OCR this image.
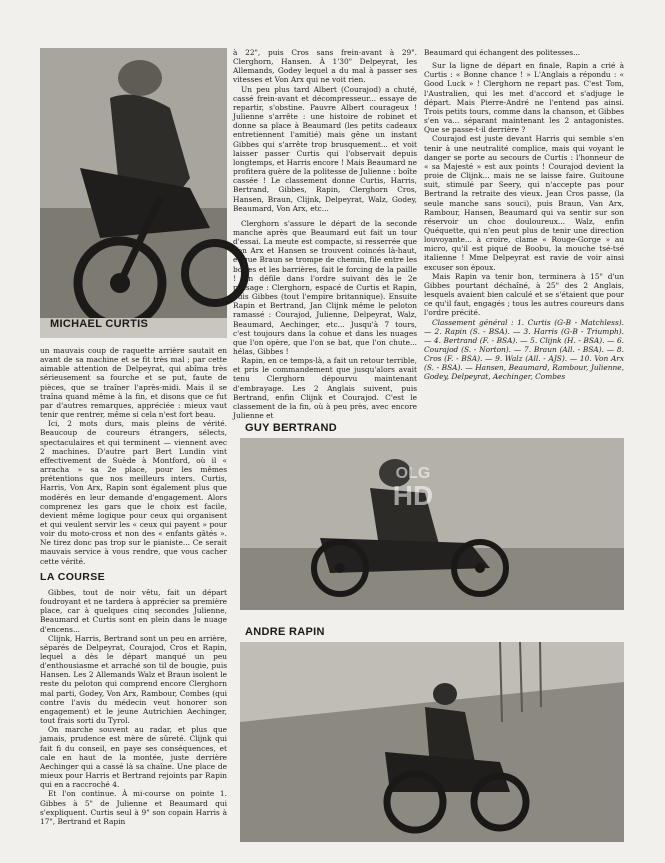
MICHAEL CURTIS

un mauvais coup de raquette arrière sautait en avant de sa machine et se fit très mal ; par cette aimable attention de Delpeyrat, qui abîma très sérieusement sa fourche et se put, faute de pièces, que se traîner l'après-midi. Mais il se traîna quand même à la fin, et disons que ce fut par d'autres remarques, appréciée : mieux vaut tenir que rentrer, même si cela n'est fort beau.

Ici, 2 mots durs, mais pleins de vérité. Beaucoup de coureurs étrangers, sélects, spectaculaires et qui terminent — viennent avec 2 machines. D'autre part Bert Lundin vint effectivement de Suède à Montford, où il « arracha » sa 2e place, pour les mêmes prétentions que nos meilleurs inters. Curtis, Harris, Von Arx, Rapin sont également plus que modérés en leur demande d'engagement. Alors comprenez les gars que le choix est facile, devient même logique pour ceux qui organisent et qui veulent servir les « ceux qui payent » pour voir du moto-cross et non des « enfants gâtés ». Ne tirez donc pas trop sur le pianiste... Ce serait mauvais service à vous rendre, que vous cacher cette vérité.

LA COURSE

Gibbes, tout de noir vêtu, fait un départ foudroyant et ne tardera à apprécier sa première place, car à quelques cinq secondes Julienne, Beaumard et Curtis sont en plein dans le nuage d'encens...

Clijnk, Harris, Bertrand sont un peu en arrière, séparés de Delpeyrat, Courajod, Cros et Rapin, lequel a dès le départ manqué un peu d'enthousiasme et arraché son til de bougie, puis Hansen. Les 2 Allemands Walz et Braun isolent le reste du peloton qui comprend encore Clerghorn mal parti, Godey, Von Arx, Rambour, Combes (qui contre l'avis du médecin veut honorer son engagement) et le jeune Autrichien Aechinger, tout frais sorti du Tyrol.

On marche souvent au radar, et plus que jamais, prudence est mère de sûreté. Clijnk qui fait fi du conseil, en paye ses conséquences, et cale en haut de la montée, juste derrière Aechinger qui a cassé là sa chaîne. Une place de mieux pour Harris et Bertrand rejoints par Rapin qui en a raccroché 4.

Et l'on continue. À mi-course on pointe 1. Gibbes à 5" de Julienne et Beaumard qui s'expliquent. Curtis seul à 9" son copain Harris à 17", Bertrand et Rapin

à 22", puis Cros sans frein-avant à 29". Clerghorn, Hansen. À 1'30" Delpeyrat, les Allemands, Godey lequel a du mal à passer ses vitesses et Von Arx qui ne voit rien.

Un peu plus tard Albert (Courajod) a chuté, cassé frein-avant et décompresseur... essaye de repartir, s'obstine. Pauvre Albert courageux ! Julienne s'arrête : une histoire de robinet et donne sa place à Beaumard (les petits cadeaux entretiennent l'amitié) mais gêne un instant Gibbes qui s'arrête trop brusquement... et voit laisser passer Curtis qui l'observait depuis longtemps, et Harris encore ! Mais Beaumard ne profitera guère de la politesse de Julienne : boîte cassée ! Le classement donne Curtis, Harris, Bertrand, Gibbes, Rapin, Clerghorn Cros, Hansen, Braun, Clijnk, Delpeyrat, Walz, Godey, Beaumard, Von Arx, etc...

Clerghorn s'assure le départ de la seconde manche après que Beaumard eut fait un tour d'essai. La meute est compacte, si resserrée que Von Arx et Hansen se trouvent coincés là-haut, et que Braun se trompe de chemin, file entre les bottes et les barrières, fait le forcing de la paille ! On défile dans l'ordre suivant dès le 2e passage : Clerghorn, espacé de Curtis et Rapin, puis Gibbes (tout l'empire britannique). Ensuite Rapin et Bertrand, Jan Clijnk même le peloton ramassé : Courajod, Julienne, Delpeyrat, Walz, Beaumard, Aechinger, etc... Jusqu'à 7 tours, c'est toujours dans la cohue et dans les nuages que l'on opère, que l'on se bat, que l'on chute... hélas, Gibbes !

Rapin, en ce temps-là, a fait un retour terrible, et pris le commandement que jusqu'alors avait tenu Clerghorn dépourvu maintenant d'embrayage. Les 2 Anglais suivent, puis Bertrand, enfin Clijnk et Courajod. C'est le classement de la fin, où à peu près, avec encore Julienne et

Beaumard qui échangent des politesses...

Sur la ligne de départ en finale, Rapin a crié à Curtis : « Bonne chance ! » L'Anglais a répondu : « Good Luck » ! Clerghorn ne repart pas. C'est Tom, l'Australien, qui les met d'accord et s'adjuge le départ. Mais Pierre-André ne l'entend pas ainsi. Trois petits tours, comme dans la chanson, et Gibbes s'en va... séparant maintenant les 2 antagonistes. Que se passe-t-il derrière ?

Courajod est juste devant Harris qui semble s'en tenir à une neutralité complice, mais qui voyant le danger se porte au secours de Curtis : l'honneur de « sa Majesté » est aux points ! Courajod devient la proie de Clijnk... mais ne se laisse faire. Guitoune suit, stimulé par Seery, qui n'accepte pas pour Bertrand la retraite des vieux. Jean Cros passe, (la seule manche sans souci), puis Braun, Van Arx, Rambour, Hansen, Beaumard qui va sentir sur son réservoir un choc douloureux... Walz, enfin Quéquette, qui n'en peut plus de tenir une direction louvoyante... à croire, clame « Rouge-Gorge » au micro, qu'il est piqué de Boobu, la mouche tsé-tsé italienne ! Mme Delpeyrat est ravie de voir ainsi excuser son époux.

Mais Rapin va tenir bon, terminera à 15" d'un Gibbes pourtant déchaîné, à 25" des 2 Anglais, lesquels avaient bien calculé et se s'étaient que pour ce qu'il faut, engagés ; tous les autres coureurs dans l'ordre précité.

Classement général : 1. Curtis (G-B - Matchless). — 2. Rapin (S. - BSA). — 3. Harris (G-B - Triumph). — 4. Bertrand (F. - BSA). — 5. Clijnk (H. - BSA). — 6. Courajod (S. - Norton). — 7. Braun (All. - BSA). — 8. Cros (F. - BSA). — 9. Walz (All. - AJS). — 10. Von Arx (S. - BSA). — Hansen, Beaumard, Rambour, Julienne, Godey, Delpeyrat, Aechinger, Combes

GUY BERTRAND
OLG
HD
ANDRE RAPIN
